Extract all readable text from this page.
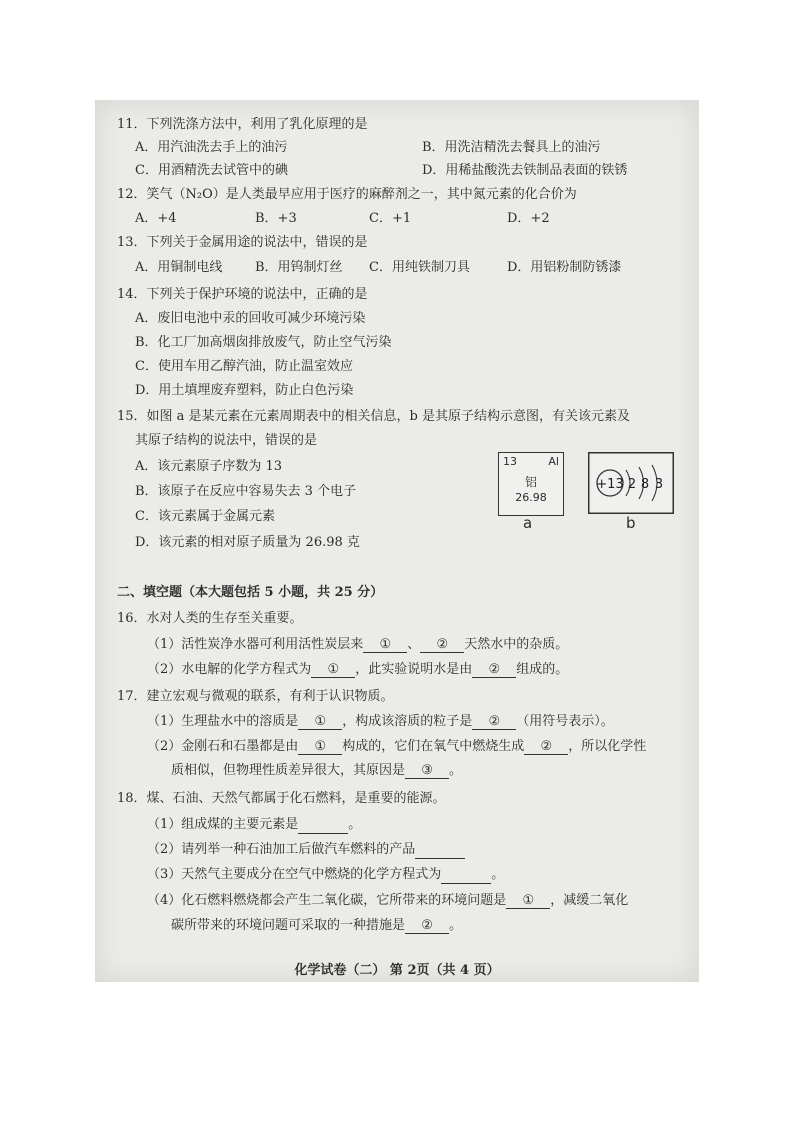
11．下列洗涤方法中，利用了乳化原理的是
A．用汽油洗去手上的油污	B．用洗洁精洗去餐具上的油污
C．用酒精洗去试管中的碘	D．用稀盐酸洗去铁制品表面的铁锈
12．笑气（N₂O）是人类最早应用于医疗的麻醉剂之一，其中氮元素的化合价为
A．+4	B．+3	C．+1	D．+2
13．下列关于金属用途的说法中，错误的是
A．用铜制电线	B．用钨制灯丝 C．用纯铁制刀具	D．用铝粉制防锈漆
14．下列关于保护环境的说法中，正确的是
A．废旧电池中汞的回收可减少环境污染
B．化工厂加高烟囱排放废气，防止空气污染
C．使用车用乙醇汽油，防止温室效应
D．用土填埋废弃塑料，防止白色污染
15．如图 a 是某元素在元素周期表中的相关信息，b 是其原子结构示意图，有关该元素及
其原子结构的说法中，错误的是
A．该元素原子序数为 13
B．该原子在反应中容易失去 3 个电子
C．该元素属于金属元素
D．该元素的相对原子质量为 26.98 克
13	Al
铝
26.98
a
+13 2 8 3
b
二、填空题（本大题包括 5 小题，共 25 分）
16．水对人类的生存至关重要。
（1）活性炭净水器可利用活性炭层来 ① 、 ② 天然水中的杂质。
（2）水电解的化学方程式为 ① ，此实验说明水是由 ② 组成的。
17．建立宏观与微观的联系，有利于认识物质。
（1）生理盐水中的溶质是 ① ，构成该溶质的粒子是 ② （用符号表示）。
（2）金刚石和石墨都是由 ① 构成的，它们在氧气中燃烧生成 ② ，所以化学性
质相似，但物理性质差异很大，其原因是 ③ 。
18．煤、石油、天然气都属于化石燃料，是重要的能源。
（1）组成煤的主要元素是	。
（2）请列举一种石油加工后做汽车燃料的产品
（3）天然气主要成分在空气中燃烧的化学方程式为	。
（4）化石燃料燃烧都会产生二氧化碳，它所带来的环境问题是 ① ，减缓二氧化
碳所带来的环境问题可采取的一种措施是 ② 。
化学试卷（二） 第 2页（共 4 页）
